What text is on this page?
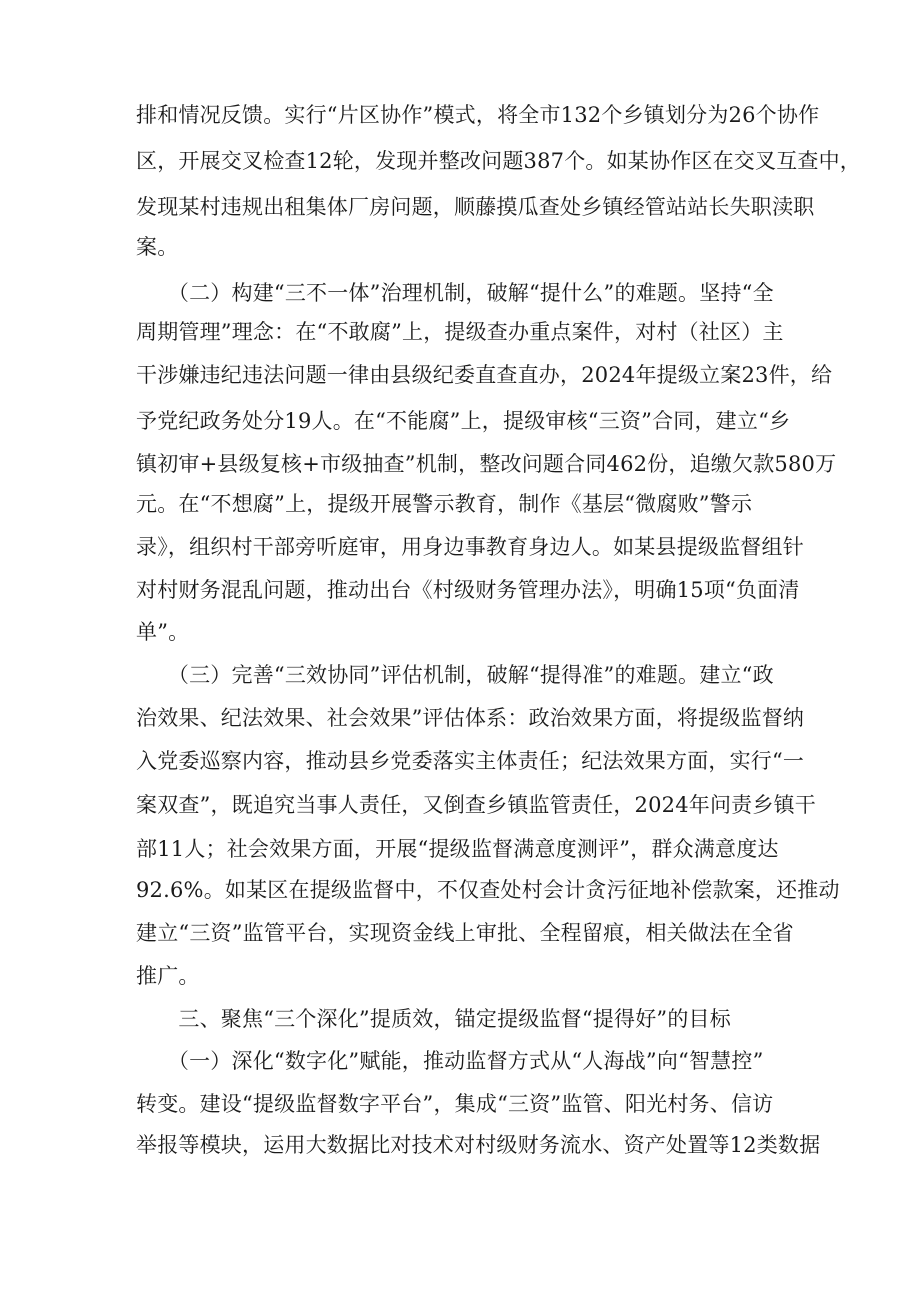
排和情况反馈。实行“片区协作”模式，将全市132个乡镇划分为26个协作
区，开展交叉检查12轮，发现并整改问题387个。如某协作区在交叉互查中，
发现某村违规出租集体厂房问题，顺藤摸瓜查处乡镇经管站站长失职渎职
案。
　　（二）构建“三不一体”治理机制，破解“提什么”的难题。坚持“全
周期管理”理念：在“不敢腐”上，提级查办重点案件，对村（社区）主
干涉嫌违纪违法问题一律由县级纪委直查直办，2024年提级立案23件，给
予党纪政务处分19人。在“不能腐”上，提级审核“三资”合同，建立“乡
镇初审+县级复核+市级抽查”机制，整改问题合同462份，追缴欠款580万
元。在“不想腐”上，提级开展警示教育，制作《基层“微腐败”警示
录》，组织村干部旁听庭审，用身边事教育身边人。如某县提级监督组针
对村财务混乱问题，推动出台《村级财务管理办法》，明确15项“负面清
单”。
　　（三）完善“三效协同”评估机制，破解“提得准”的难题。建立“政
治效果、纪法效果、社会效果”评估体系：政治效果方面，将提级监督纳
入党委巡察内容，推动县乡党委落实主体责任；纪法效果方面，实行“一
案双查”，既追究当事人责任，又倒查乡镇监管责任，2024年问责乡镇干
部11人；社会效果方面，开展“提级监督满意度测评”，群众满意度达
92.6%。如某区在提级监督中，不仅查处村会计贪污征地补偿款案，还推动
建立“三资”监管平台，实现资金线上审批、全程留痕，相关做法在全省
推广。
　　三、聚焦“三个深化”提质效，锚定提级监督“提得好”的目标
　　（一）深化“数字化”赋能，推动监督方式从“人海战”向“智慧控”
转变。建设“提级监督数字平台”，集成“三资”监管、阳光村务、信访
举报等模块，运用大数据比对技术对村级财务流水、资产处置等12类数据
